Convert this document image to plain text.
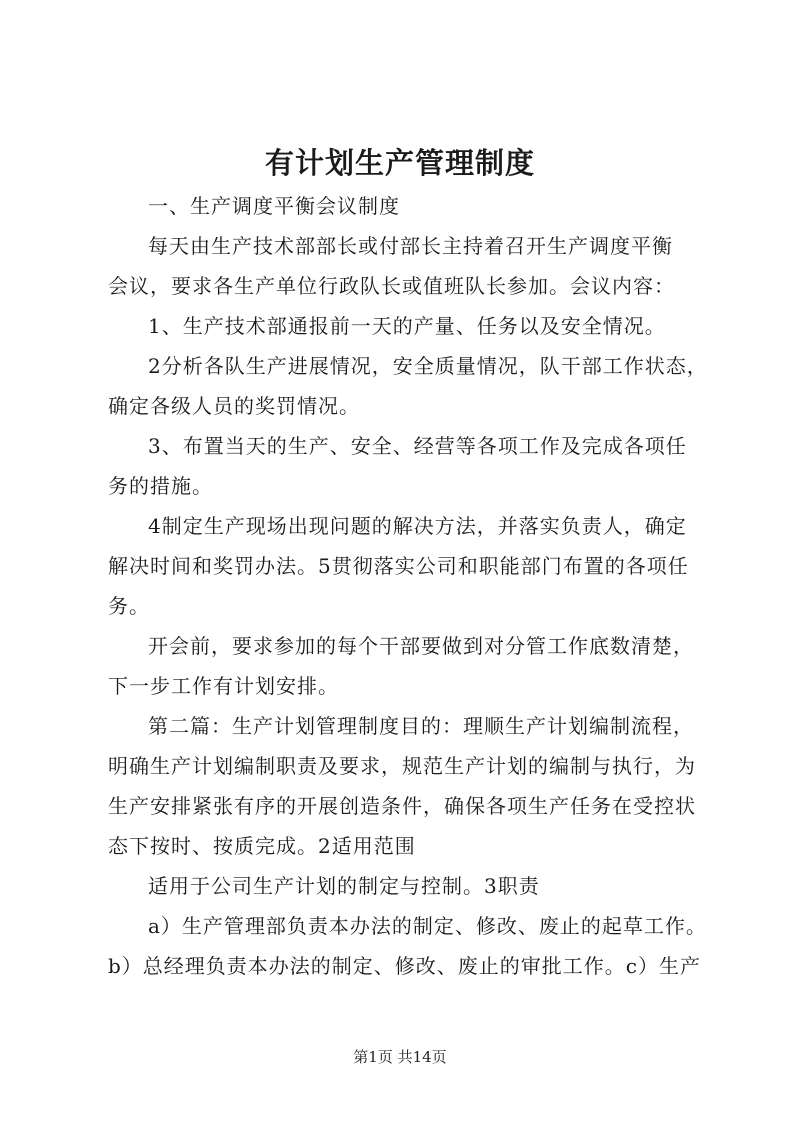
有计划生产管理制度
一、生产调度平衡会议制度
每天由生产技术部部长或付部长主持着召开生产调度平衡
会议，要求各生产单位行政队长或值班队长参加。会议内容：
1、生产技术部通报前一天的产量、任务以及安全情况。
2分析各队生产进展情况，安全质量情况，队干部工作状态，
确定各级人员的奖罚情况。
3、布置当天的生产、安全、经营等各项工作及完成各项任
务的措施。
4制定生产现场出现问题的解决方法，并落实负责人，确定
解决时间和奖罚办法。5贯彻落实公司和职能部门布置的各项任
务。
开会前，要求参加的每个干部要做到对分管工作底数清楚，
下一步工作有计划安排。
第二篇：生产计划管理制度目的：理顺生产计划编制流程，
明确生产计划编制职责及要求，规范生产计划的编制与执行，为
生产安排紧张有序的开展创造条件，确保各项生产任务在受控状
态下按时、按质完成。2适用范围
适用于公司生产计划的制定与控制。3职责
a）生产管理部负责本办法的制定、修改、废止的起草工作。
b）总经理负责本办法的制定、修改、废止的审批工作。c）生产
第1页 共14页
